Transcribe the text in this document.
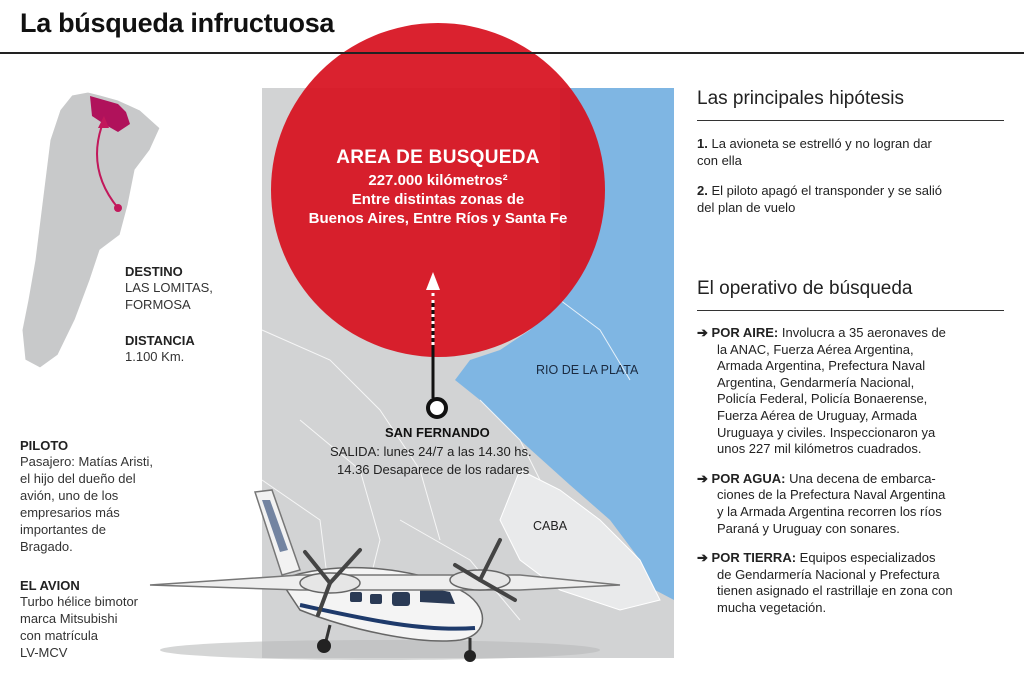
La búsqueda infructuosa
AREA DE BUSQUEDA
227.000 kilómetros²
Entre distintas zonas de
Buenos Aires, Entre Ríos y Santa Fe
RIO DE LA PLATA
CABA
SAN FERNANDO
SALIDA: lunes 24/7 a las 14.30 hs.
14.36 Desaparece de los radares
DESTINO
LAS LOMITAS,
FORMOSA
DISTANCIA
1.100 Km.
PILOTO
Pasajero: Matías Aristi,
el hijo del dueño del
avión, uno de los
empresarios más
importantes de
Bragado.
EL AVION
Turbo hélice bimotor
marca Mitsubishi
con matrícula
LV-MCV
Las principales hipótesis
1. La avioneta se estrelló y no logran dar
con ella
2. El piloto apagó el transponder y se salió
del plan de vuelo
El operativo de búsqueda
➔ POR AIRE: Involucra a 35 aeronaves de
la ANAC, Fuerza Aérea Argentina,
Armada Argentina, Prefectura Naval
Argentina, Gendarmería Nacional,
Policía Federal, Policía Bonaerense,
Fuerza Aérea de Uruguay, Armada
Uruguaya y civiles. Inspeccionaron ya
unos 227 mil kilómetros cuadrados.
➔ POR AGUA: Una decena de embarca-
ciones de la Prefectura Naval Argentina
y la Armada Argentina recorren los ríos
Paraná y Uruguay con sonares.
➔ POR TIERRA: Equipos especializados
de Gendarmería Nacional y Prefectura
tienen asignado el rastrillaje en zona con
mucha vegetación.
